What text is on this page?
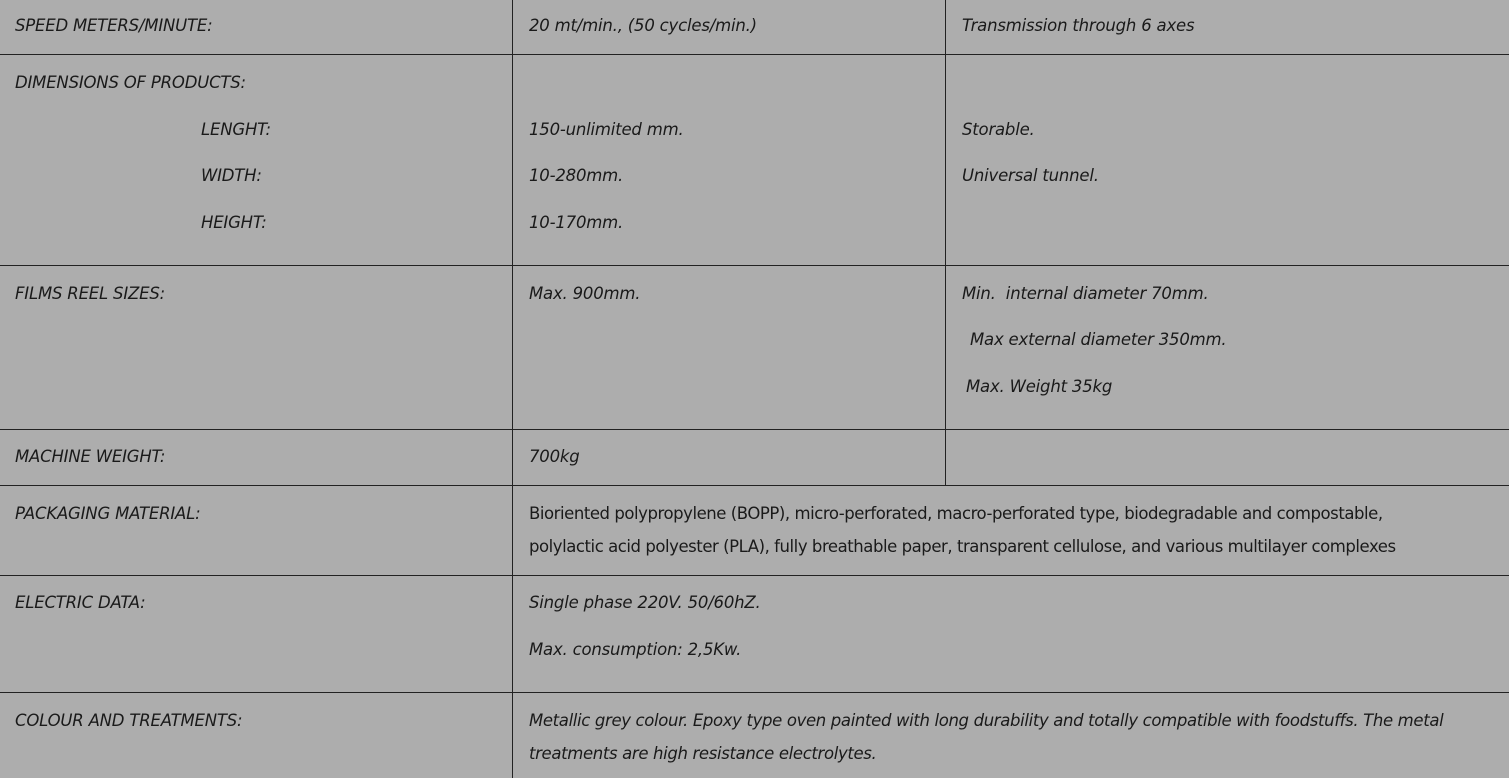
SPEED METERS/MINUTE:	20 mt/min., (50 cycles/min.)	Transmission through 6 axes
DIMENSIONS OF PRODUCTS:
LENGHT:	150-unlimited mm.	Storable.
WIDTH:	10-280mm.	Universal tunnel.
HEIGHT:	10-170mm.
FILMS REEL SIZES:	Max. 900mm.	Min.  internal diameter 70mm.
Max external diameter 350mm.
Max. Weight 35kg
MACHINE WEIGHT:	700kg
PACKAGING MATERIAL:	Bioriented polypropylene (BOPP), micro-perforated, macro-perforated type, biodegradable and compostable,
polylactic acid polyester (PLA), fully breathable paper, transparent cellulose, and various multilayer complexes
ELECTRIC DATA:	Single phase 220V. 50/60hZ.
Max. consumption: 2,5Kw.
COLOUR AND TREATMENTS:	Metallic grey colour. Epoxy type oven painted with long durability and totally compatible with foodstuffs. The metal
treatments are high resistance electrolytes.
